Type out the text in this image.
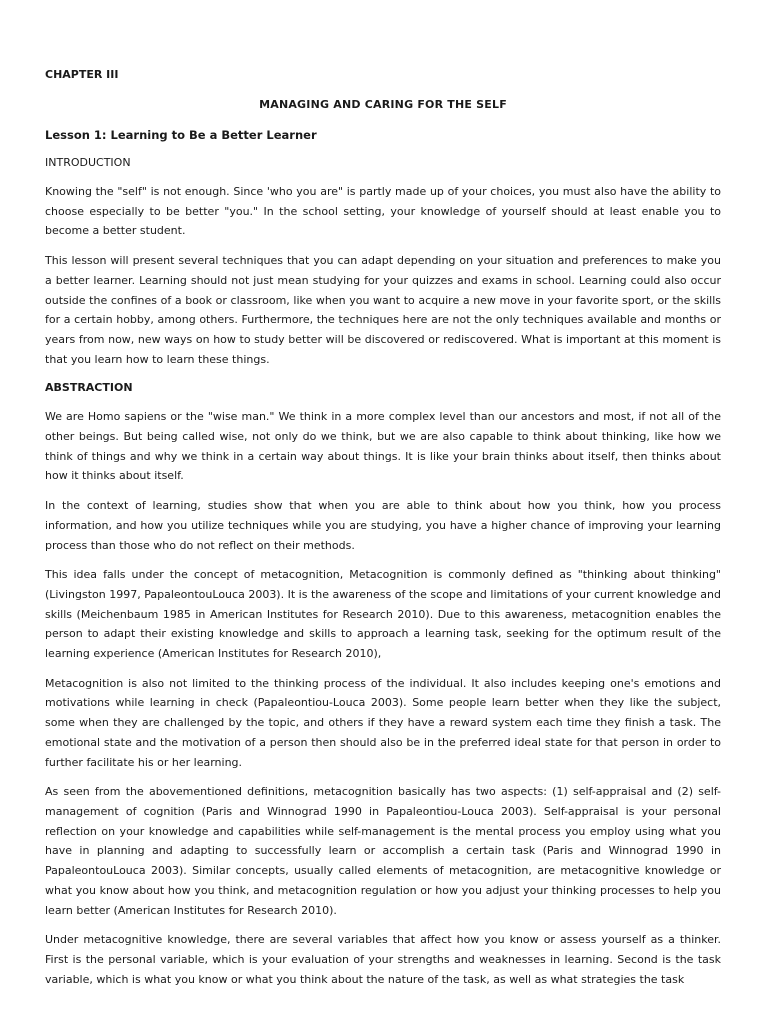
CHAPTER III

MANAGING AND CARING FOR THE SELF

Lesson 1: Learning to Be a Better Learner

INTRODUCTION

Knowing the "self" is not enough. Since 'who you are" is partly made up of your choices, you must also have the ability to choose especially to be better "you." In the school setting, your knowledge of yourself should at least enable you to become a better student.

This lesson will present several techniques that you can adapt depending on your situation and preferences to make you a better learner. Learning should not just mean studying for your quizzes and exams in school. Learning could also occur outside the confines of a book or classroom, like when you want to acquire a new move in your favorite sport, or the skills for a certain hobby, among others. Furthermore, the techniques here are not the only techniques available and months or years from now, new ways on how to study better will be discovered or rediscovered. What is important at this moment is that you learn how to learn these things.

ABSTRACTION

We are Homo sapiens or the "wise man." We think in a more complex level than our ancestors and most, if not all of the other beings. But being called wise, not only do we think, but we are also capable to think about thinking, like how we think of things and why we think in a certain way about things. It is like your brain thinks about itself, then thinks about how it thinks about itself.

In the context of learning, studies show that when you are able to think about how you think, how you process information, and how you utilize techniques while you are studying, you have a higher chance of improving your learning process than those who do not reflect on their methods.

This idea falls under the concept of metacognition, Metacognition is commonly defined as "thinking about thinking" (Livingston 1997, PapaleontouLouca 2003). It is the awareness of the scope and limitations of your current knowledge and skills (Meichenbaum 1985 in American Institutes for Research 2010). Due to this awareness, metacognition enables the person to adapt their existing knowledge and skills to approach a learning task, seeking for the optimum result of the learning experience (American Institutes for Research 2010),

Metacognition is also not limited to the thinking process of the individual. It also includes keeping one's emotions and motivations while learning in check (Papaleontiou-Louca 2003). Some people learn better when they like the subject, some when they are challenged by the topic, and others if they have a reward system each time they finish a task. The emotional state and the motivation of a person then should also be in the preferred ideal state for that person in order to further facilitate his or her learning.

As seen from the abovementioned definitions, metacognition basically has two aspects: (1) self-appraisal and (2) self-management of cognition (Paris and Winnograd 1990 in Papaleontiou-Louca 2003). Self-appraisal is your personal reflection on your knowledge and capabilities while self-management is the mental process you employ using what you have in planning and adapting to successfully learn or accomplish a certain task (Paris and Winnograd 1990 in PapaleontouLouca 2003). Similar concepts, usually called elements of metacognition, are metacognitive knowledge or what you know about how you think, and metacognition regulation or how you adjust your thinking processes to help you learn better (American Institutes for Research 2010).

Under metacognitive knowledge, there are several variables that affect how you know or assess yourself as a thinker. First is the personal variable, which is your evaluation of your strengths and weaknesses in learning. Second is the task variable, which is what you know or what you think about the nature of the task, as well as what strategies the task
